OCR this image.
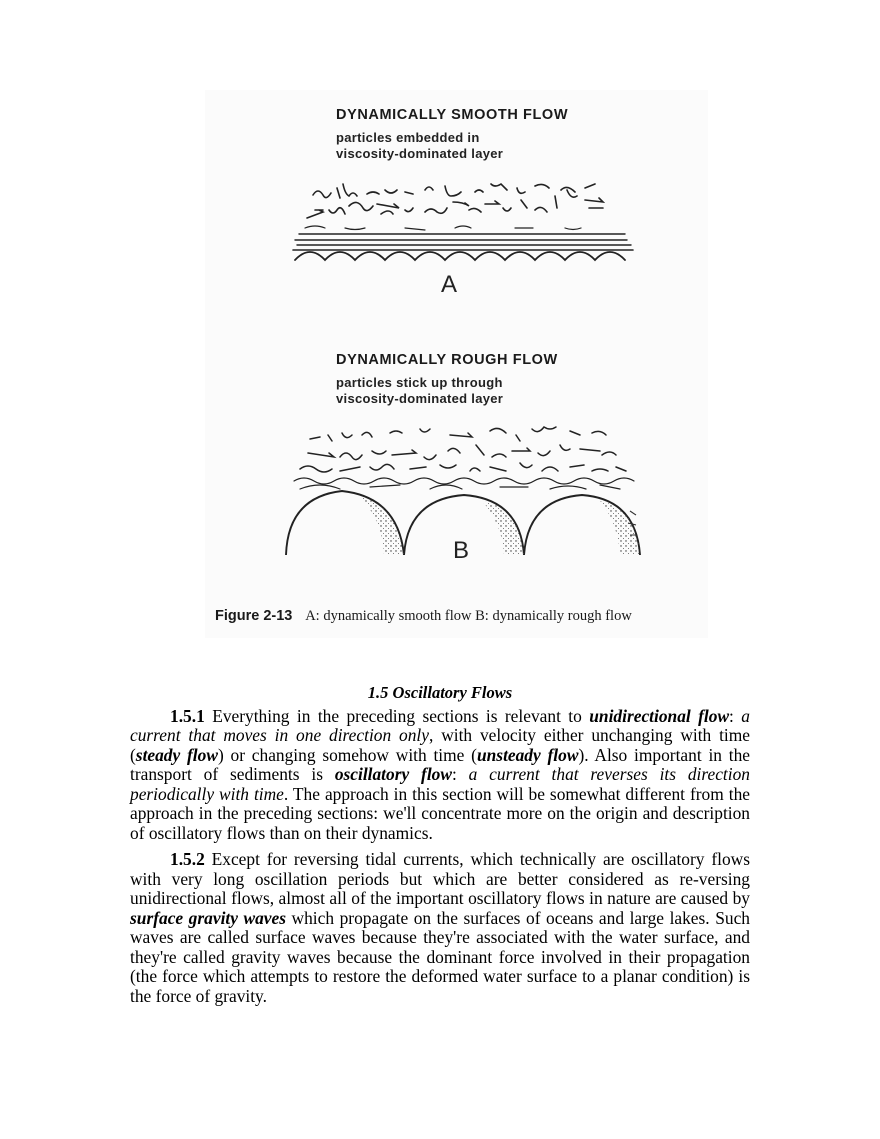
DYNAMICALLY SMOOTH FLOW
particles embedded in
viscosity-dominated layer
A
DYNAMICALLY ROUGH FLOW
particles stick up through
viscosity-dominated layer
B
Figure 2-13 A: dynamically smooth flow B: dynamically rough flow
1.5 Oscillatory Flows

1.5.1 Everything in the preceding sections is relevant to unidirectional flow: a current that moves in one direction only, with velocity either unchanging with time (steady flow) or changing somehow with time (unsteady flow). Also important in the transport of sediments is oscillatory flow: a current that reverses its direction periodically with time. The approach in this section will be somewhat different from the approach in the preceding sections: we'll concentrate more on the origin and description of oscillatory flows than on their dynamics.

1.5.2 Except for reversing tidal currents, which technically are oscillatory flows with very long oscillation periods but which are better considered as re-versing unidirectional flows, almost all of the important oscillatory flows in nature are caused by surface gravity waves which propagate on the surfaces of oceans and large lakes. Such waves are called surface waves because they're associated with the water surface, and they're called gravity waves because the dominant force involved in their propagation (the force which attempts to restore the deformed water surface to a planar condition) is the force of gravity.
